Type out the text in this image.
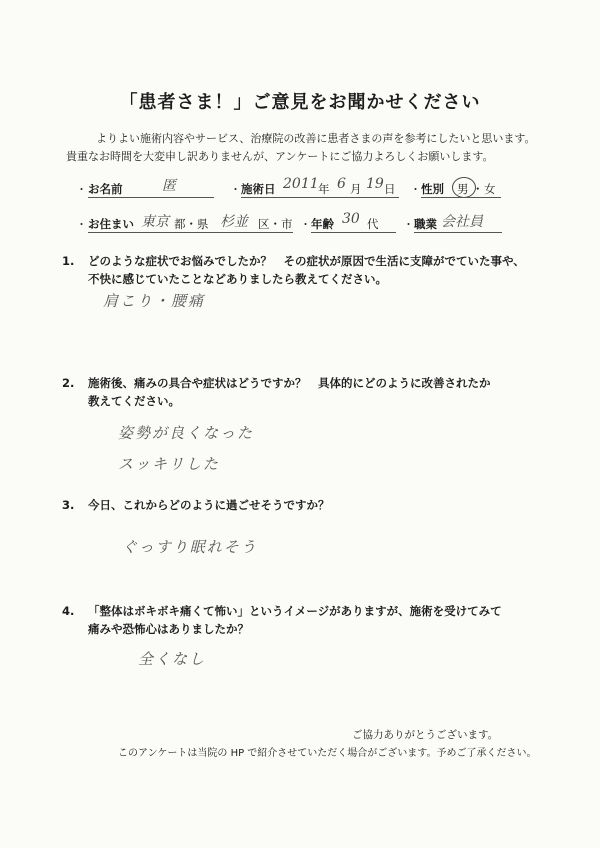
「患者さま！」ご意見をお聞かせください
よりよい施術内容やサービス、治療院の改善に患者さまの声を参考にしたいと思います。
貴重なお時間を大変申し訳ありませんが、アンケートにご協力よろしくお願いします。
・ お名前	匿	・ 施術日 2011 年 6 月 19 日 ・ 性別 男 ・ 女
・ お住まい 東京 都・県 杉並 区・市 ・ 年齢 30 代 ・ 職業 会社員
1. どのような症状でお悩みでしたか？　その症状が原因で生活に支障がでていた事や、
不快に感じていたことなどありましたら教えてください。
肩こり・腰痛
2. 施術後、痛みの具合や症状はどうですか？　具体的にどのように改善されたか
教えてください。
姿勢が良くなった
スッキリした
3. 今日、これからどのように過ごせそうですか？
ぐっすり眠れそう
4. 「整体はボキボキ痛くて怖い」というイメージがありますが、施術を受けてみて
痛みや恐怖心はありましたか？
全くなし
ご協力ありがとうございます。
このアンケートは当院の HP で紹介させていただく場合がございます。予めご了承ください。
